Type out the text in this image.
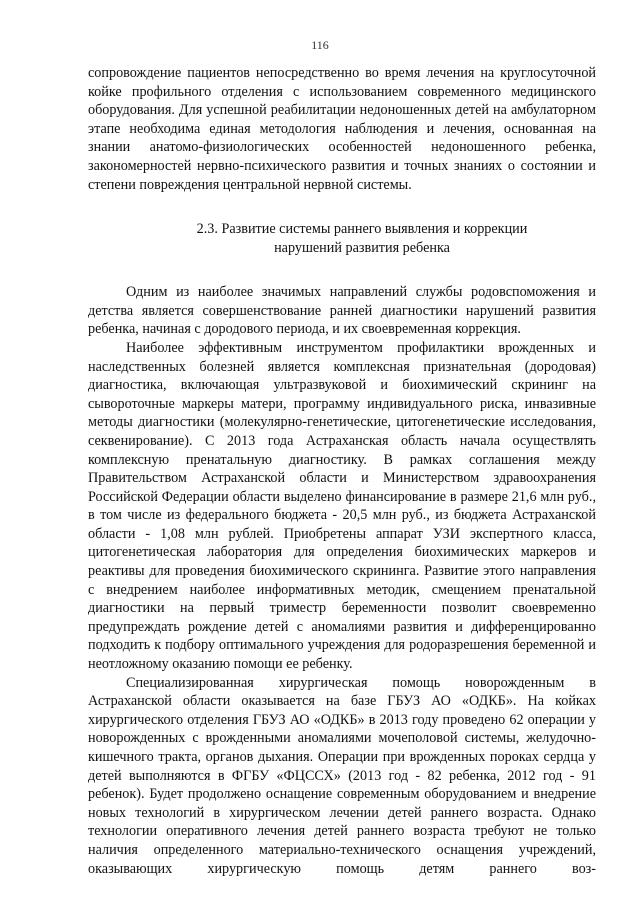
116

сопровождение пациентов непосредственно во время лечения на круглосуточной койке профильного отделения с использованием современного медицинского оборудования. Для успешной реабилитации недоношенных детей на амбулаторном этапе необходима единая методология наблюдения и лечения, основанная на знании анатомо-физиологических особенностей недоношенного ребенка, закономерностей нервно-психического развития и точных знаниях о состоянии и степени повреждения центральной нервной системы.

2.3. Развитие системы раннего выявления и коррекции
нарушений развития ребенка

Одним из наиболее значимых направлений службы родовспоможения и детства является совершенствование ранней диагностики нарушений развития ребенка, начиная с дородового периода, и их своевременная коррекция.

Наиболее эффективным инструментом профилактики врожденных и наследственных болезней является комплексная признательная (дородовая) диагностика, включающая ультразвуковой и биохимический скрининг на сывороточные маркеры матери, программу индивидуального риска, инвазивные методы диагностики (молекулярно-генетические, цитогенетические исследования, секвенирование). С 2013 года Астраханская область начала осуществлять комплексную пренатальную диагностику. В рамках соглашения между Правительством Астраханской области и Министерством здравоохранения Российской Федерации области выделено финансирование в размере 21,6 млн руб., в том числе из федерального бюджета - 20,5 млн руб., из бюджета Астраханской области - 1,08 млн рублей. Приобретены аппарат УЗИ экспертного класса, цитогенетическая лаборатория для определения биохимических маркеров и реактивы для проведения биохимического скрининга. Развитие этого направления с внедрением наиболее информативных методик, смещением пренатальной диагностики на первый триместр беременности позволит своевременно предупреждать рождение детей с аномалиями развития и дифференцированно подходить к подбору оптимального учреждения для родоразрешения беременной и неотложному оказанию помощи ее ребенку.

Специализированная хирургическая помощь новорожденным в Астраханской области оказывается на базе ГБУЗ АО «ОДКБ». На койках хирургического отделения ГБУЗ АО «ОДКБ» в 2013 году проведено 62 операции у новорожденных с врожденными аномалиями мочеполовой системы, желудочно-кишечного тракта, органов дыхания. Операции при врожденных пороках сердца у детей выполняются в ФГБУ «ФЦССХ» (2013 год - 82 ребенка, 2012 год - 91 ребенок). Будет продолжено оснащение современным оборудованием и внедрение новых технологий в хирургическом лечении детей раннего возраста. Однако технологии оперативного лечения детей раннего возраста требуют не только наличия определенного материально-технического оснащения учреждений, оказывающих хирургическую помощь детям раннего воз-
